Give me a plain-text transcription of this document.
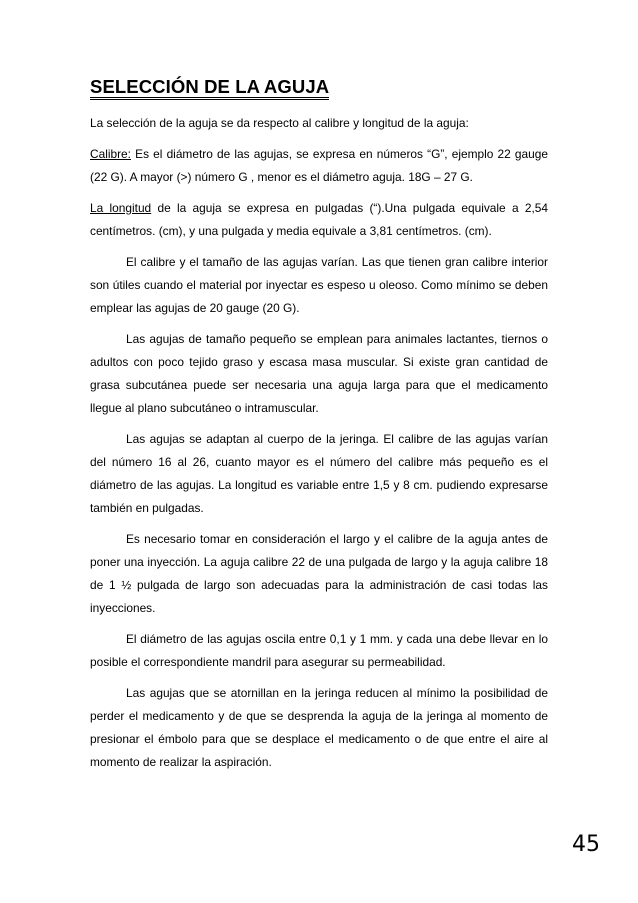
SELECCIÓN DE LA AGUJA

La selección de la aguja se da respecto al calibre y longitud de la aguja:

Calibre: Es el diámetro de las agujas, se expresa en números “G”, ejemplo 22 gauge (22 G). A mayor (>) número G , menor es el diámetro aguja. 18G – 27 G.

La longitud de la aguja se expresa en pulgadas (“).Una pulgada equivale a 2,54 centímetros. (cm), y una pulgada y media equivale a 3,81 centímetros. (cm).

El calibre y el tamaño de las agujas varían. Las que tienen gran calibre interior son útiles cuando el material por inyectar es espeso u oleoso. Como mínimo se deben emplear las agujas de 20 gauge (20 G).

Las agujas de tamaño pequeño se emplean para animales lactantes, tiernos o adultos con poco tejido graso y escasa masa muscular. Si existe gran cantidad de grasa subcutánea puede ser necesaria una aguja larga para que el medicamento llegue al plano subcutáneo o intramuscular.

Las agujas se adaptan al cuerpo de la jeringa. El calibre de las agujas varían del número 16 al 26, cuanto mayor es el número del calibre más pequeño es el diámetro de las agujas. La longitud es variable entre 1,5 y 8 cm. pudiendo expresarse también en pulgadas.

Es necesario tomar en consideración el largo y el calibre de la aguja antes de poner una inyección. La aguja calibre 22 de una pulgada de largo y la aguja calibre 18 de 1 ½ pulgada de largo son adecuadas para la administración de casi todas las inyecciones.

El diámetro de las agujas oscila entre 0,1 y 1 mm. y cada una debe llevar en lo posible el correspondiente mandril para asegurar su permeabilidad.

Las agujas que se atornillan en la jeringa reducen al mínimo la posibilidad de perder el medicamento y de que se desprenda la aguja de la jeringa al momento de presionar el émbolo para que se desplace el medicamento o de que entre el aire al momento de realizar la aspiración.

45
